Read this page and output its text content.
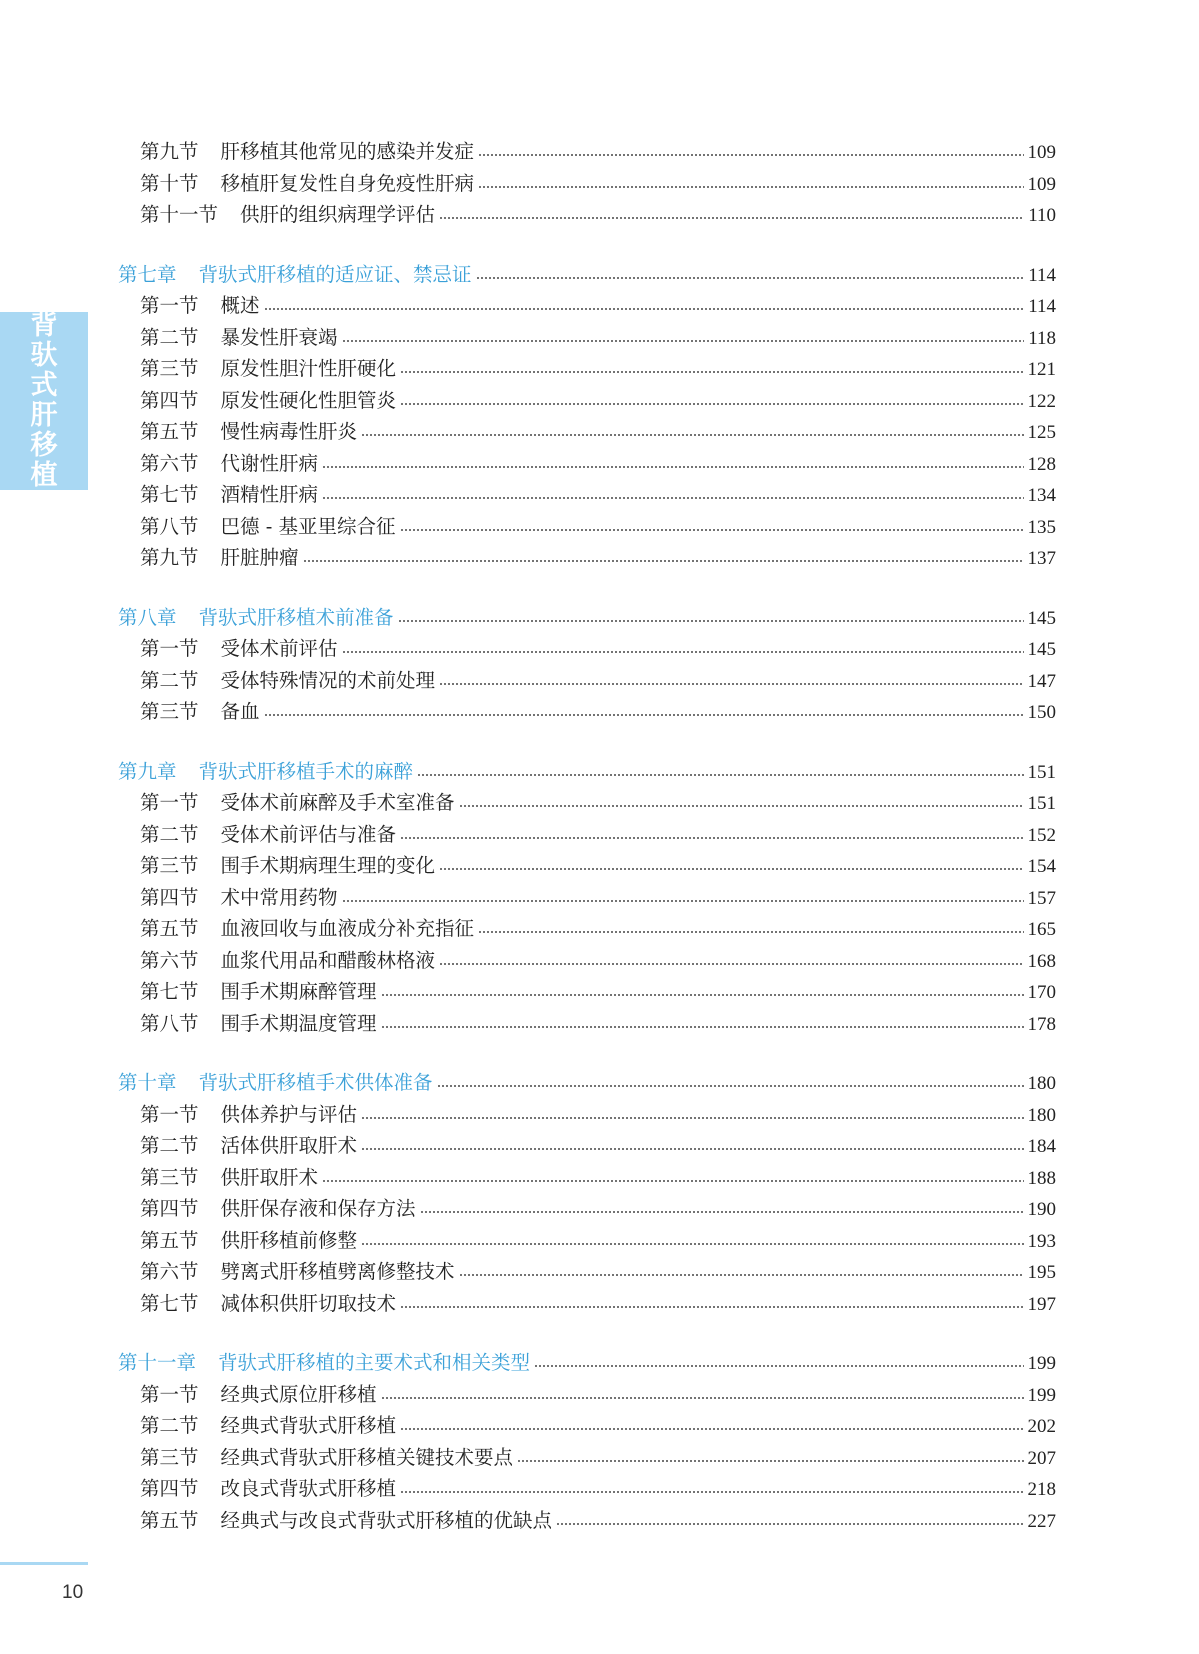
背
驮
式
肝
移
植
10
第九节 肝移植其他常见的感染并发症	109
第十节 移植肝复发性自身免疫性肝病	109
第十一节 供肝的组织病理学评估	110
第七章 背驮式肝移植的适应证、禁忌证	114
第一节 概述	114
第二节 暴发性肝衰竭	118
第三节 原发性胆汁性肝硬化	121
第四节 原发性硬化性胆管炎	122
第五节 慢性病毒性肝炎	125
第六节 代谢性肝病	128
第七节 酒精性肝病	134
第八节 巴德 - 基亚里综合征	135
第九节 肝脏肿瘤	137
第八章 背驮式肝移植术前准备	145
第一节 受体术前评估	145
第二节 受体特殊情况的术前处理	147
第三节 备血	150
第九章 背驮式肝移植手术的麻醉	151
第一节 受体术前麻醉及手术室准备	151
第二节 受体术前评估与准备	152
第三节 围手术期病理生理的变化	154
第四节 术中常用药物	157
第五节 血液回收与血液成分补充指征	165
第六节 血浆代用品和醋酸林格液	168
第七节 围手术期麻醉管理	170
第八节 围手术期温度管理	178
第十章 背驮式肝移植手术供体准备	180
第一节 供体养护与评估	180
第二节 活体供肝取肝术	184
第三节 供肝取肝术	188
第四节 供肝保存液和保存方法	190
第五节 供肝移植前修整	193
第六节 劈离式肝移植劈离修整技术	195
第七节 减体积供肝切取技术	197
第十一章 背驮式肝移植的主要术式和相关类型	199
第一节 经典式原位肝移植	199
第二节 经典式背驮式肝移植	202
第三节 经典式背驮式肝移植关键技术要点	207
第四节 改良式背驮式肝移植	218
第五节 经典式与改良式背驮式肝移植的优缺点	227
